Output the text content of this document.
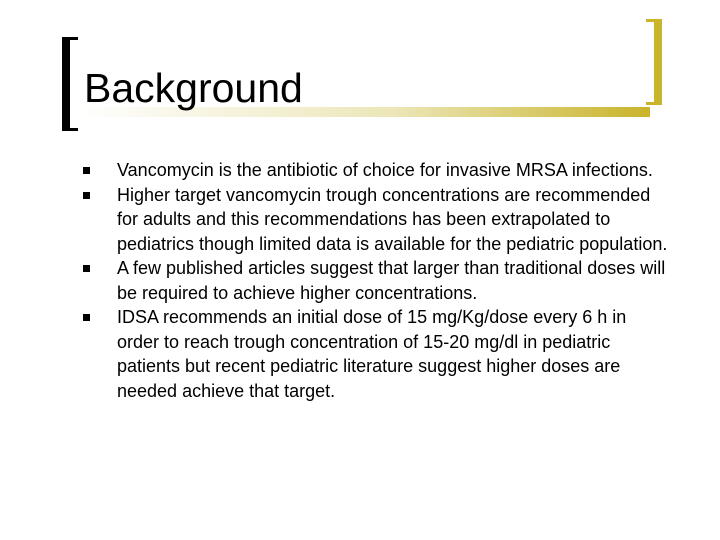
Background
Vancomycin is the antibiotic of choice for invasive MRSA infections.
Higher target vancomycin trough concentrations are recommended for adults and this recommendations has been extrapolated to pediatrics though limited data is available for the pediatric population.
A few published articles suggest that larger than traditional doses will be required to achieve higher concentrations.
IDSA recommends an initial dose of 15 mg/Kg/dose every 6 h in order to reach trough concentration of 15-20 mg/dl in pediatric patients but recent pediatric literature suggest higher doses are needed achieve that target.
